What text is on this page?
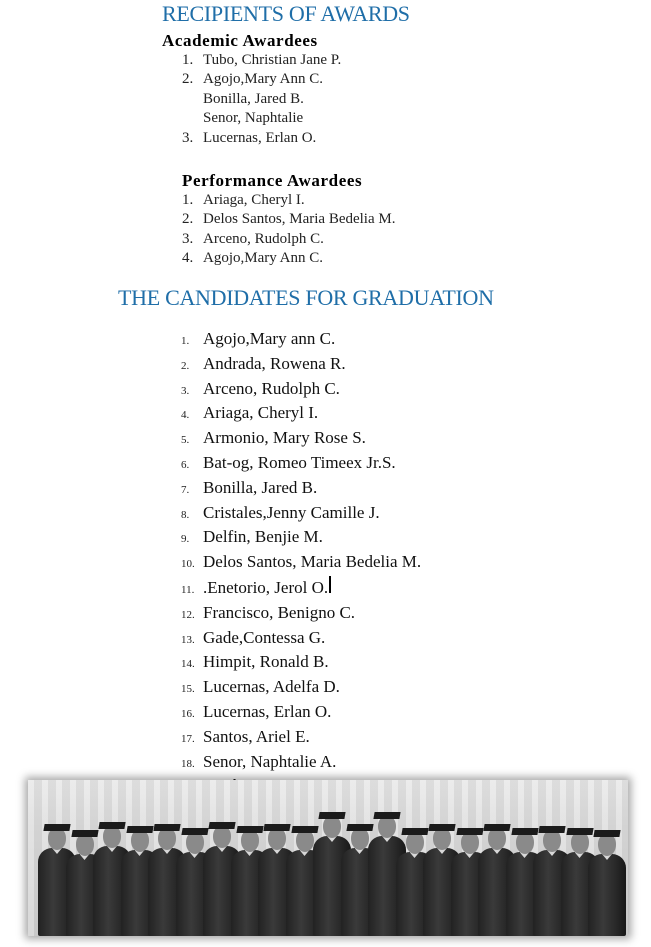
RECIPIENTS OF AWARDS
Academic Awardees
1. Tubo, Christian Jane P.
2. Agojo,Mary Ann C.
Bonilla, Jared B.
Senor, Naphtalie
3. Lucernas, Erlan O.
Performance Awardees
1. Ariaga, Cheryl I.
2. Delos Santos, Maria Bedelia M.
3. Arceno, Rudolph C.
4. Agojo,Mary Ann C.
THE CANDIDATES FOR GRADUATION
1. Agojo,Mary ann C.
2. Andrada, Rowena R.
3. Arceno, Rudolph C.
4. Ariaga, Cheryl I.
5. Armonio, Mary Rose S.
6. Bat-og, Romeo Timeex Jr.S.
7. Bonilla, Jared B.
8. Cristales,Jenny Camille J.
9. Delfin, Benjie M.
10. Delos Santos, Maria Bedelia M.
11. .Enetorio, Jerol O.
12. Francisco, Benigno C.
13. Gade,Contessa G.
14. Himpit, Ronald B.
15. Lucernas, Adelfa D.
16. Lucernas, Erlan O.
17. Santos, Ariel E.
18. Senor, Naphtalie A.
